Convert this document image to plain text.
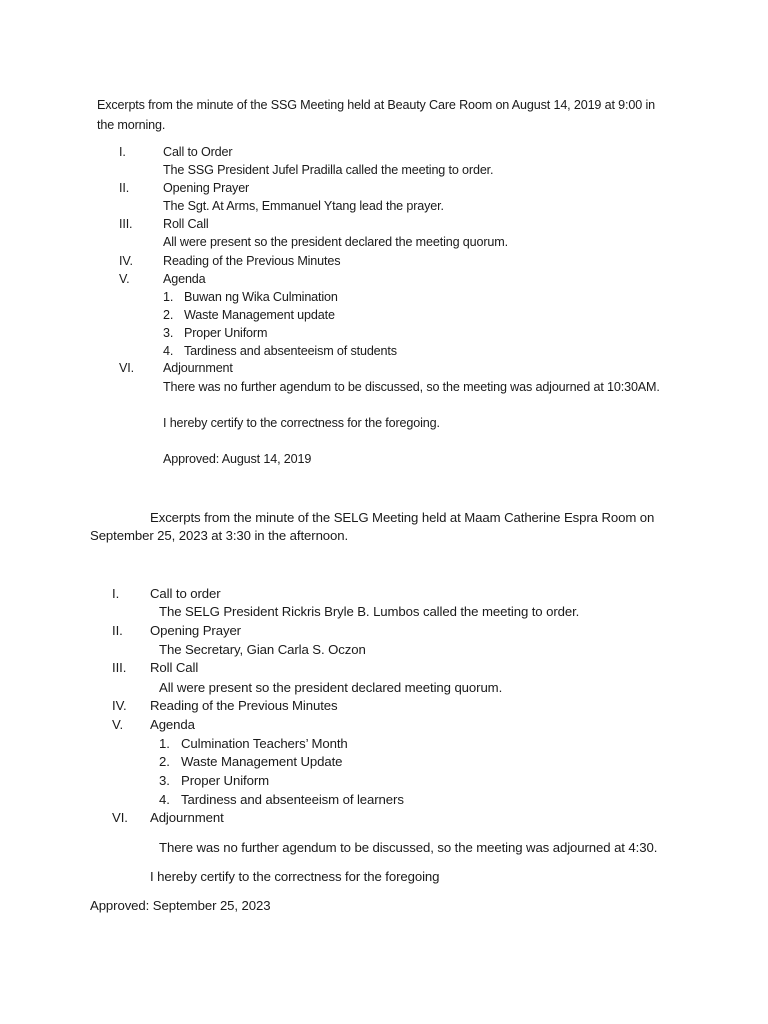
Excerpts from the minute of the SSG Meeting held at Beauty Care Room on August 14, 2019 at 9:00 in
the morning.
I.	Call to Order
The SSG President Jufel Pradilla called the meeting to order.
II.	Opening Prayer
The Sgt. At Arms, Emmanuel Ytang lead the prayer.
III. Roll Call
All were present so the president declared the meeting quorum.
IV. Reading of the Previous Minutes
V.	Agenda
1. Buwan ng Wika Culmination
2. Waste Management update
3. Proper Uniform
4. Tardiness and absenteeism of students
VI. Adjournment
There was no further agendum to be discussed, so the meeting was adjourned at 10:30AM.
I hereby certify to the correctness for the foregoing.
Approved: August 14, 2019
Excerpts from the minute of the SELG Meeting held at Maam Catherine Espra Room on
September 25, 2023 at 3:30 in the afternoon.
I. Call to order
The SELG President Rickris Bryle B. Lumbos called the meeting to order.
II. Opening Prayer
The Secretary, Gian Carla S. Oczon
III. Roll Call
All were present so the president declared meeting quorum.
IV. Reading of the Previous Minutes
V. Agenda
1. Culmination Teachers’ Month
2. Waste Management Update
3. Proper Uniform
4. Tardiness and absenteeism of learners
VI. Adjournment
There was no further agendum to be discussed, so the meeting was adjourned at 4:30.
I hereby certify to the correctness for the foregoing
Approved: September 25, 2023
